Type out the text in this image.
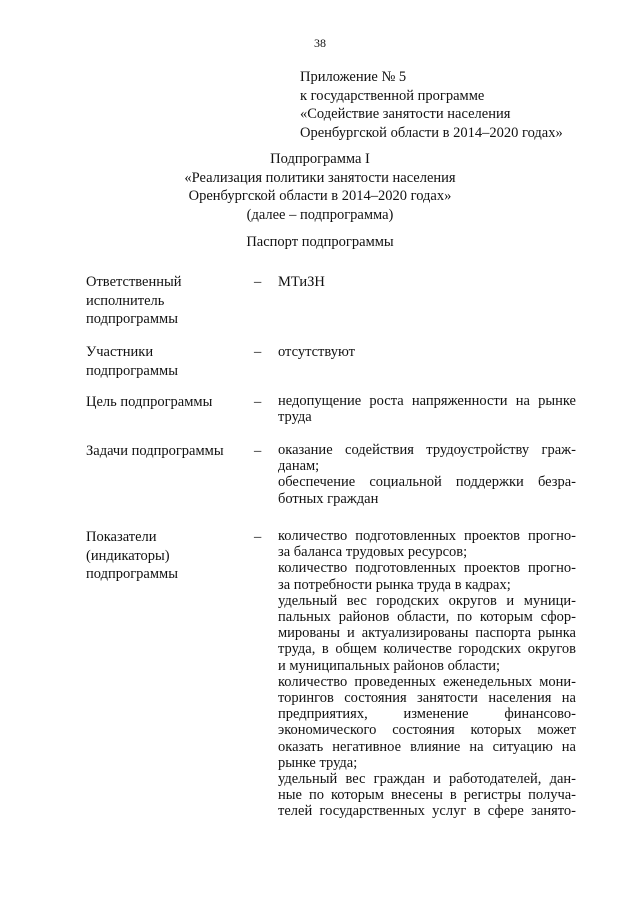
38
Приложение № 5
к государственной программе
«Содействие занятости населения
Оренбургской области в 2014–2020 годах»
Подпрограмма I
«Реализация политики занятости населения
Оренбургской области в 2014–2020 годах»
(далее – подпрограмма)
Паспорт подпрограммы
Ответственный
исполнитель
подпрограммы
– МТиЗН
Участники
подпрограммы
– отсутствуют
Цель подпрограммы	– недопущение роста напряженности на рынке
труда
Задачи подпрограммы	– оказание содействия трудоустройству граж-
данам;
обеспечение социальной поддержки безра-
ботных граждан
Показатели
(индикаторы)
подпрограммы
– количество подготовленных проектов прогно-
за баланса трудовых ресурсов;
количество подготовленных проектов прогно-
за потребности рынка труда в кадрах;
удельный вес городских округов и муници-
пальных районов области, по которым сфор-
мированы и актуализированы паспорта рынка
труда, в общем количестве городских округов
и муниципальных районов области;
количество проведенных еженедельных мони-
торингов состояния занятости населения на
предприятиях, изменение финансово-
экономического состояния которых может
оказать негативное влияние на ситуацию на
рынке труда;
удельный вес граждан и работодателей, дан-
ные по которым внесены в регистры получа-
телей государственных услуг в сфере занято-
